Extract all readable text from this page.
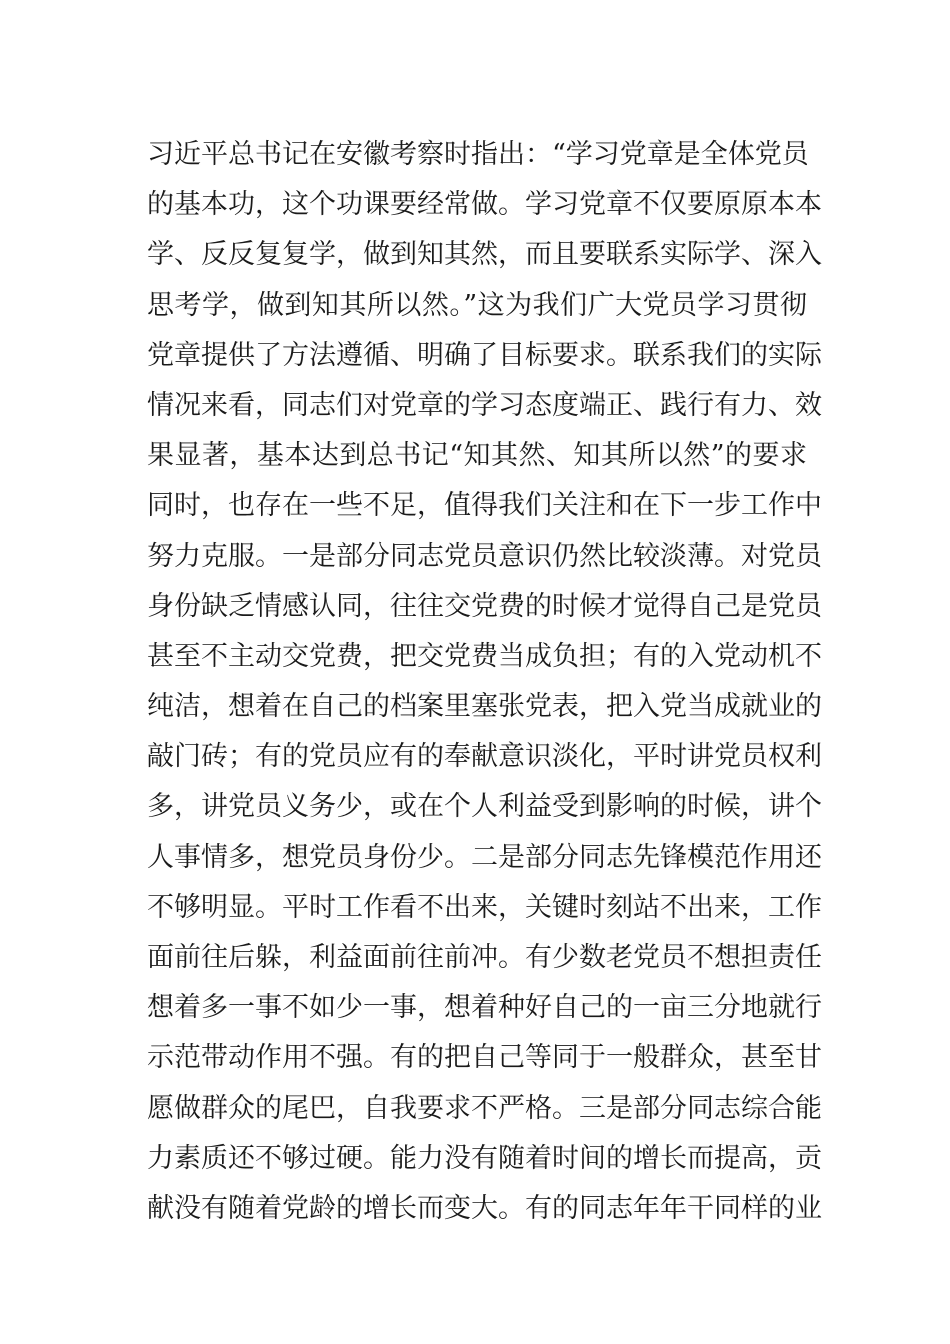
习近平总书记在安徽考察时指出：“学习党章是全体党员
的基本功，这个功课要经常做。学习党章不仅要原原本本
学、反反复复学，做到知其然，而且要联系实际学、深入
思考学，做到知其所以然。”这为我们广大党员学习贯彻
党章提供了方法遵循、明确了目标要求。联系我们的实际
情况来看，同志们对党章的学习态度端正、践行有力、效
果显著，基本达到总书记“知其然、知其所以然”的要求
同时，也存在一些不足，值得我们关注和在下一步工作中
努力克服。一是部分同志党员意识仍然比较淡薄。对党员
身份缺乏情感认同，往往交党费的时候才觉得自己是党员
甚至不主动交党费，把交党费当成负担；有的入党动机不
纯洁，想着在自己的档案里塞张党表，把入党当成就业的
敲门砖；有的党员应有的奉献意识淡化，平时讲党员权利
多，讲党员义务少，或在个人利益受到影响的时候，讲个
人事情多，想党员身份少。二是部分同志先锋模范作用还
不够明显。平时工作看不出来，关键时刻站不出来，工作
面前往后躲，利益面前往前冲。有少数老党员不想担责任
想着多一事不如少一事，想着种好自己的一亩三分地就行
示范带动作用不强。有的把自己等同于一般群众，甚至甘
愿做群众的尾巴，自我要求不严格。三是部分同志综合能
力素质还不够过硬。能力没有随着时间的增长而提高，贡
献没有随着党龄的增长而变大。有的同志年年干同样的业
